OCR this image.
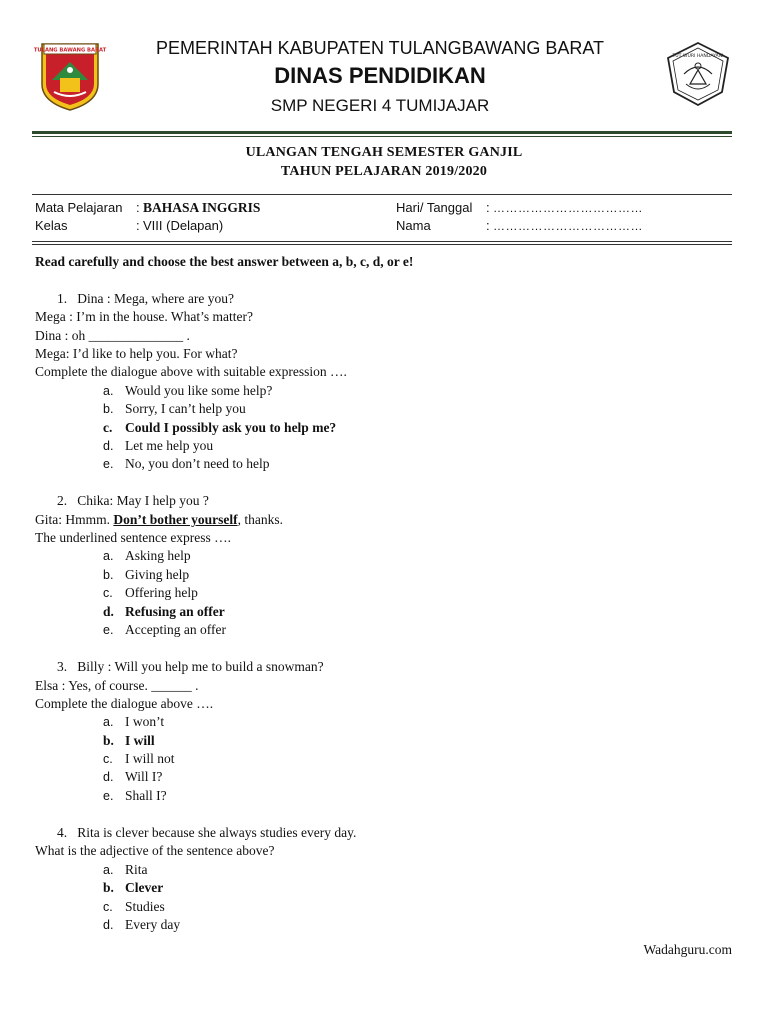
TULANG BAWANG BARAT
TUT WURI HANDAYANI
PEMERINTAH KABUPATEN TULANGBAWANG BARAT
DINAS PENDIDIKAN
SMP NEGERI 4 TUMIJAJAR
ULANGAN TENGAH SEMESTER GANJIL
TAHUN PELAJARAN 2019/2020
Mata Pelajaran : BAHASA INGGRIS
Kelas	: VIII (Delapan)
Hari/ Tanggal : ………………………………
Nama	: ………………………………
Read carefully and choose the best answer between a, b, c, d, or e!
1. Dina : Mega, where are you?
Mega : I’m in the house. What’s matter?
Dina : oh ______________ .
Mega: I’d like to help you. For what?
Complete the dialogue above with suitable expression ….
a. Would you like some help?
b. Sorry, I can’t help you
c. Could I possibly ask you to help me?
d. Let me help you
e. No, you don’t need to help
2. Chika: May I help you ?
Gita: Hmmm. Don’t bother yourself, thanks.
The underlined sentence express ….
a. Asking help
b. Giving help
c. Offering help
d. Refusing an offer
e. Accepting an offer
3. Billy : Will you help me to build a snowman?
Elsa : Yes, of course. ______ .
Complete the dialogue above ….
a. I won’t
b. I will
c. I will not
d. Will I?
e. Shall I?
4. Rita is clever because she always studies every day.
What is the adjective of the sentence above?
a. Rita
b. Clever
c. Studies
d. Every day
Wadahguru.com
